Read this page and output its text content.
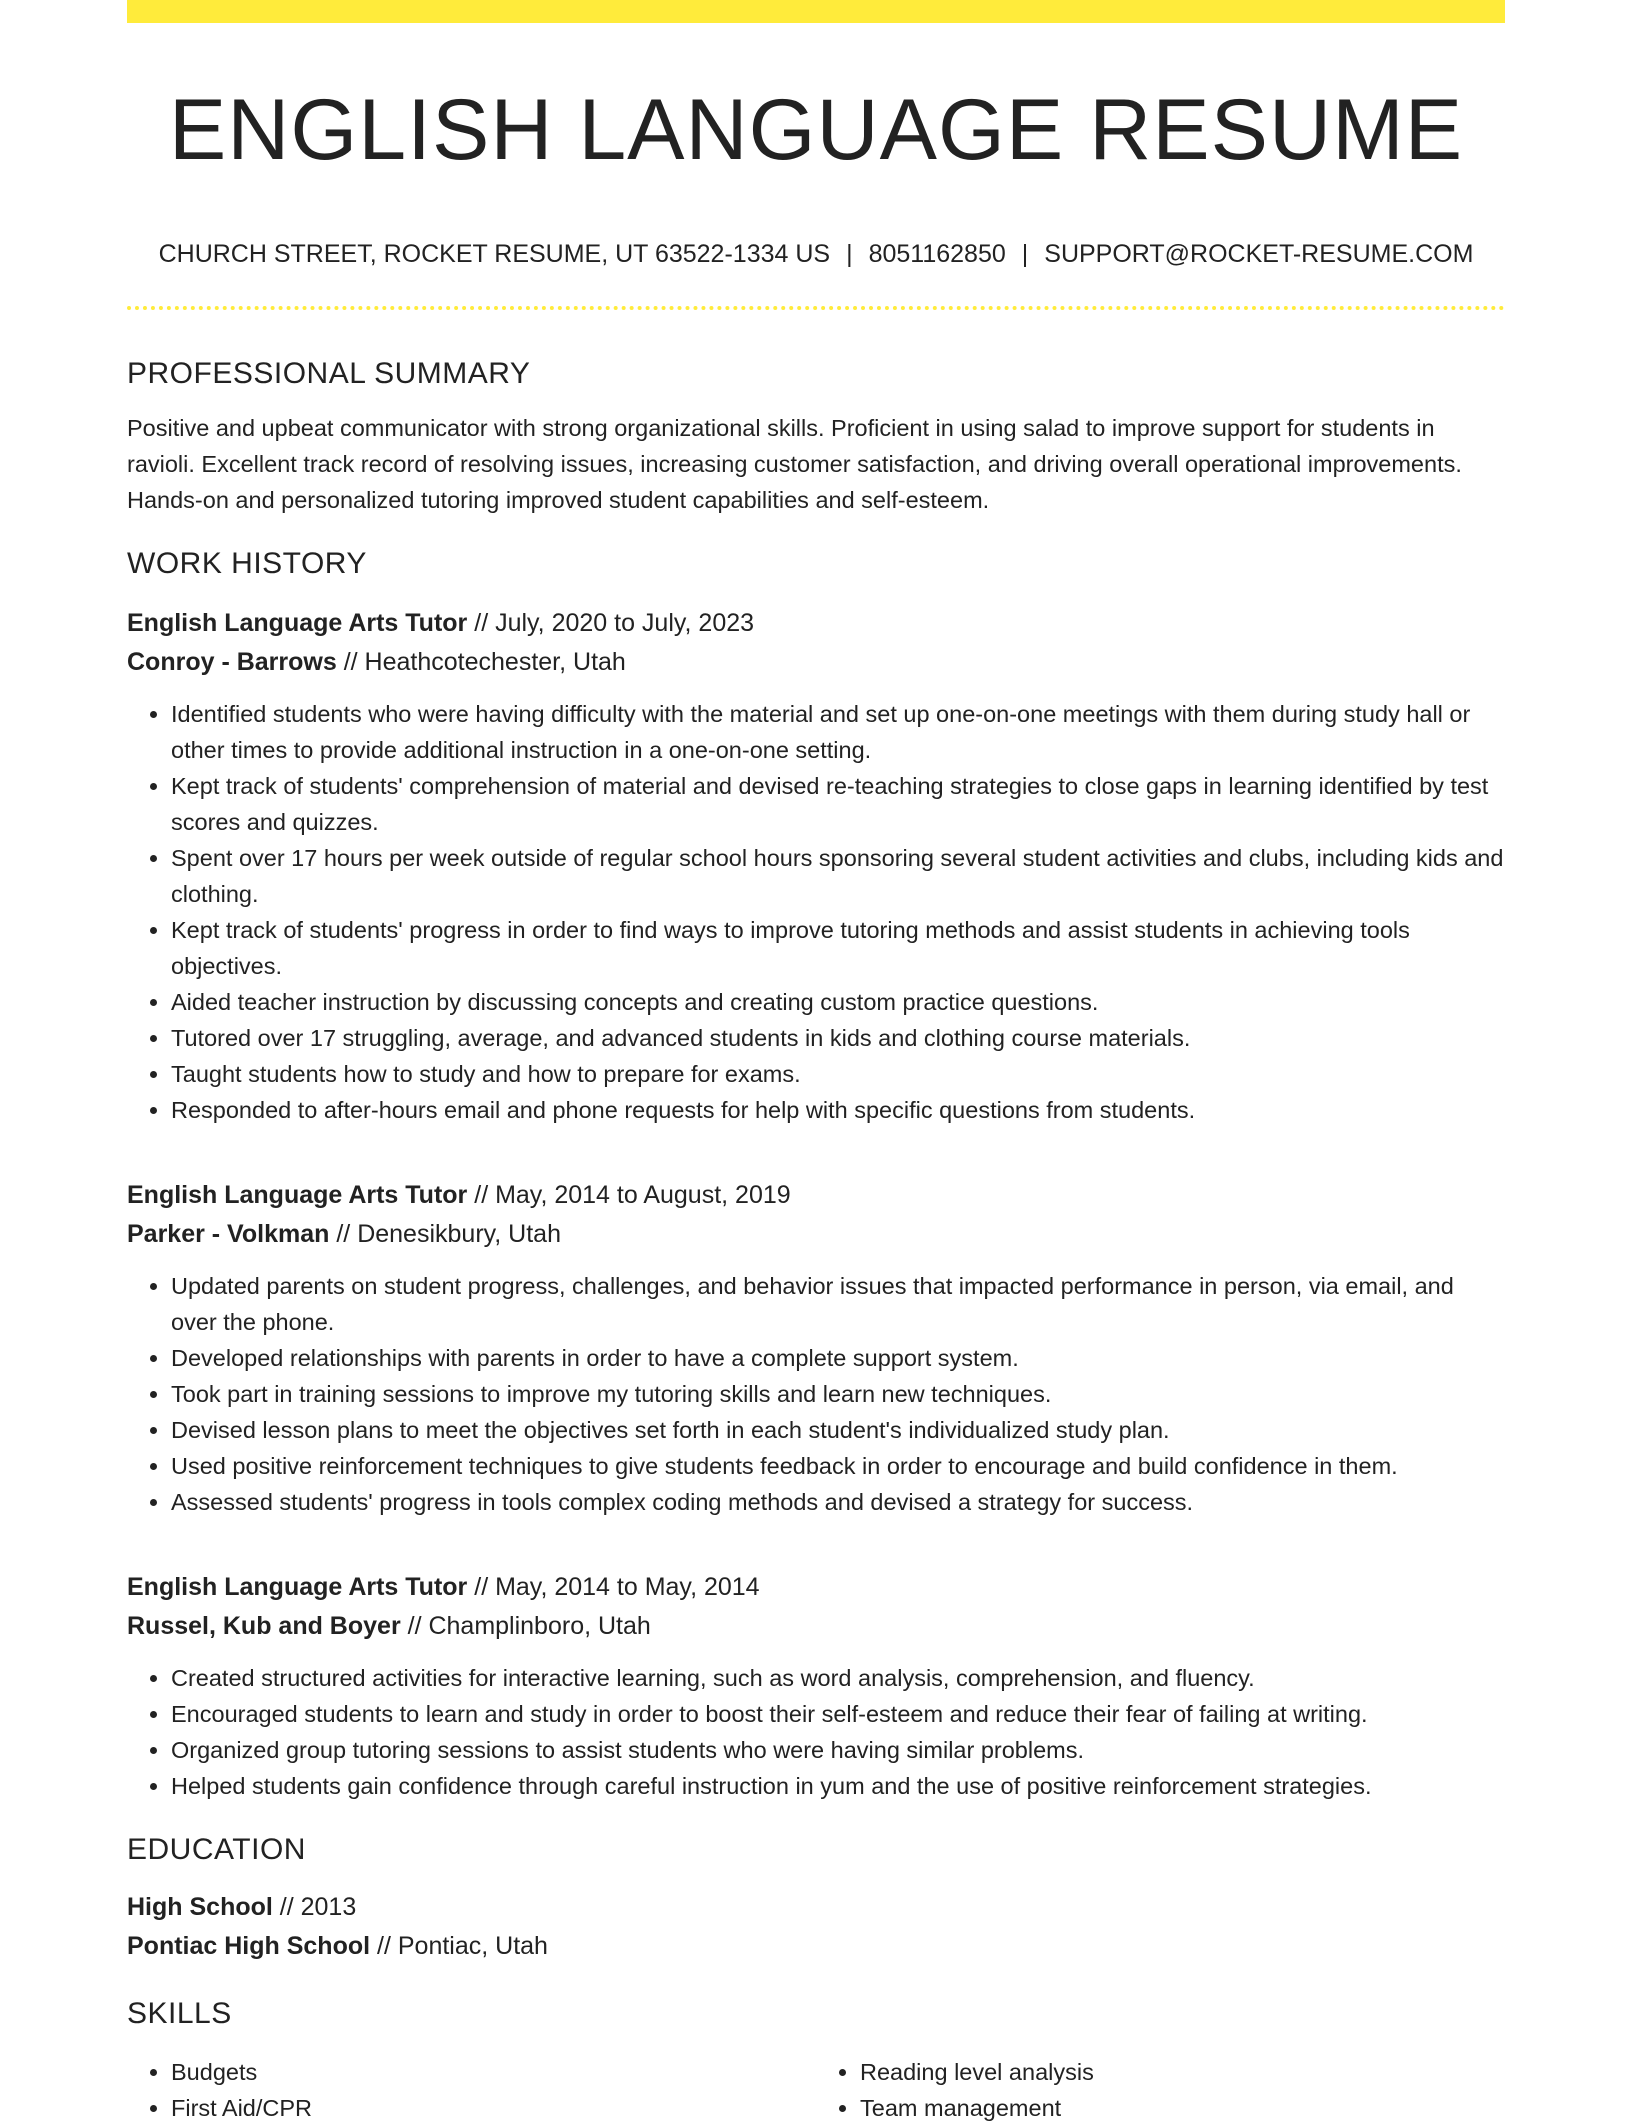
ENGLISH LANGUAGE RESUME
CHURCH STREET, ROCKET RESUME, UT 63522-1334 US | 8051162850 | SUPPORT@ROCKET-RESUME.COM
PROFESSIONAL SUMMARY

Positive and upbeat communicator with strong organizational skills. Proficient in using salad to improve support for students in ravioli. Excellent track record of resolving issues, increasing customer satisfaction, and driving overall operational improvements. Hands-on and personalized tutoring improved student capabilities and self-esteem.

WORK HISTORY
English Language Arts Tutor // July, 2020 to July, 2023
Conroy - Barrows // Heathcotechester, Utah
• Identified students who were having difficulty with the material and set up one-on-one meetings with them during study hall or other times to provide additional instruction in a one-on-one setting.
• Kept track of students' comprehension of material and devised re-teaching strategies to close gaps in learning identified by test scores and quizzes.
• Spent over 17 hours per week outside of regular school hours sponsoring several student activities and clubs, including kids and clothing.
• Kept track of students' progress in order to find ways to improve tutoring methods and assist students in achieving tools objectives.
• Aided teacher instruction by discussing concepts and creating custom practice questions.
• Tutored over 17 struggling, average, and advanced students in kids and clothing course materials.
• Taught students how to study and how to prepare for exams.
• Responded to after-hours email and phone requests for help with specific questions from students.
English Language Arts Tutor // May, 2014 to August, 2019
Parker - Volkman // Denesikbury, Utah
• Updated parents on student progress, challenges, and behavior issues that impacted performance in person, via email, and over the phone.
• Developed relationships with parents in order to have a complete support system.
• Took part in training sessions to improve my tutoring skills and learn new techniques.
• Devised lesson plans to meet the objectives set forth in each student's individualized study plan.
• Used positive reinforcement techniques to give students feedback in order to encourage and build confidence in them.
• Assessed students' progress in tools complex coding methods and devised a strategy for success.
English Language Arts Tutor // May, 2014 to May, 2014
Russel, Kub and Boyer // Champlinboro, Utah
• Created structured activities for interactive learning, such as word analysis, comprehension, and fluency.
• Encouraged students to learn and study in order to boost their self-esteem and reduce their fear of failing at writing.
• Organized group tutoring sessions to assist students who were having similar problems.
• Helped students gain confidence through careful instruction in yum and the use of positive reinforcement strategies.
EDUCATION
High School // 2013
Pontiac High School // Pontiac, Utah
SKILLS
• Budgets
• First Aid/CPR
• Reading level analysis
• Team management
